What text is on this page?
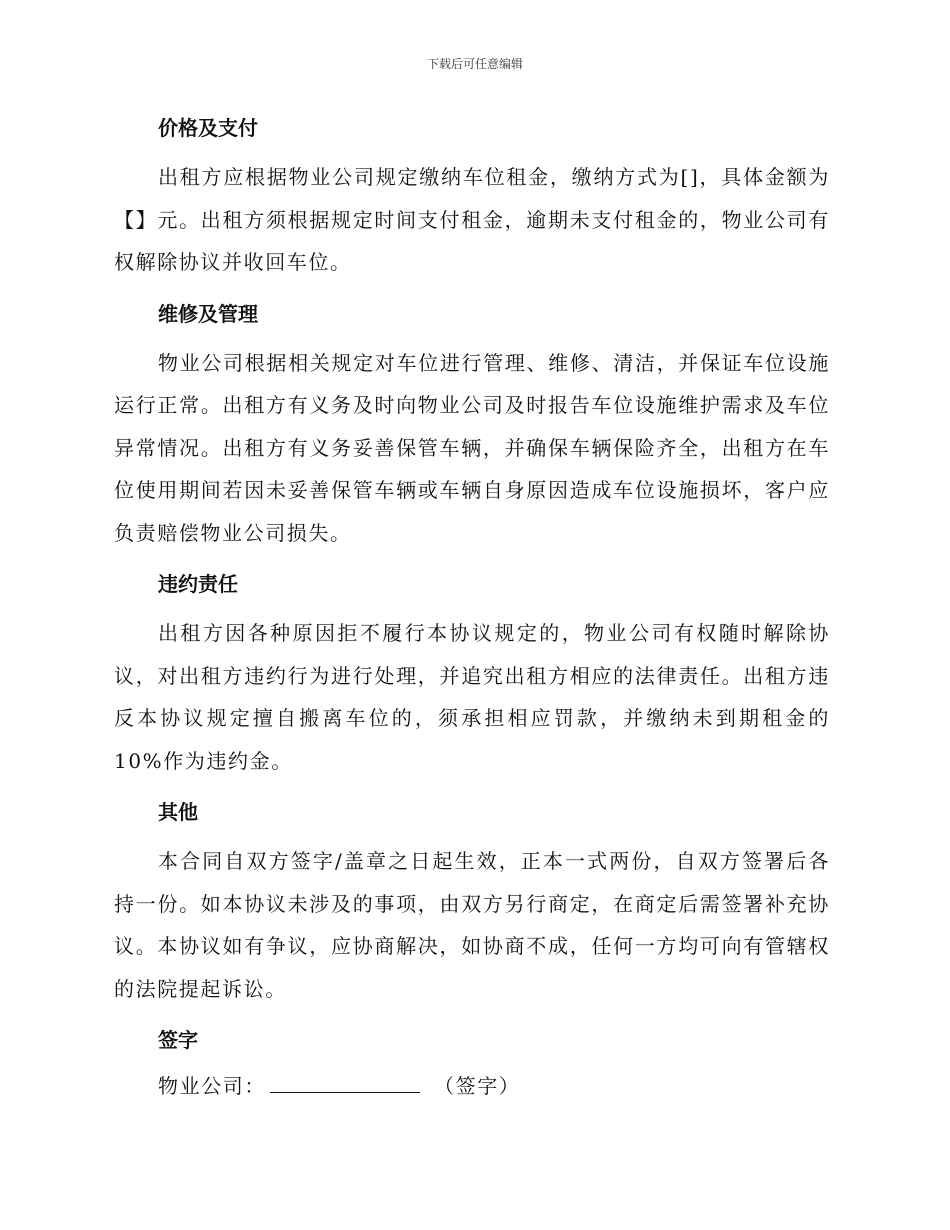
下载后可任意编辑
价格及支付

出租方应根据物业公司规定缴纳车位租金，缴纳方式为[]，具体金额为【】元。出租方须根据规定时间支付租金，逾期未支付租金的，物业公司有权解除协议并收回车位。

维修及管理

物业公司根据相关规定对车位进行管理、维修、清洁，并保证车位设施运行正常。出租方有义务及时向物业公司及时报告车位设施维护需求及车位异常情况。出租方有义务妥善保管车辆，并确保车辆保险齐全，出租方在车位使用期间若因未妥善保管车辆或车辆自身原因造成车位设施损坏，客户应负责赔偿物业公司损失。

违约责任

出租方因各种原因拒不履行本协议规定的，物业公司有权随时解除协议，对出租方违约行为进行处理，并追究出租方相应的法律责任。出租方违反本协议规定擅自搬离车位的，须承担相应罚款，并缴纳未到期租金的10%作为违约金。

其他

本合同自双方签字/盖章之日起生效，正本一式两份，自双方签署后各持一份。如本协议未涉及的事项，由双方另行商定，在商定后需签署补充协议。本协议如有争议，应协商解决，如协商不成，任何一方均可向有管辖权的法院提起诉讼。

签字
物业公司：	（签字）
